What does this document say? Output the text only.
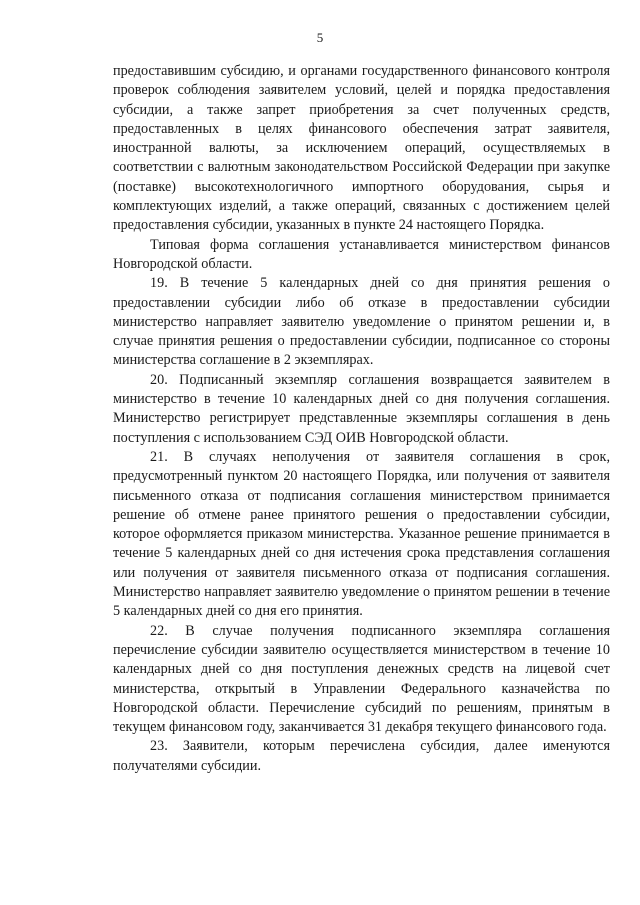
5

предоставившим субсидию, и органами государственного финансового контроля проверок соблюдения заявителем условий, целей и порядка предоставления субсидии, а также запрет приобретения за счет полученных средств, предоставленных в целях финансового обеспечения затрат заявителя, иностранной валюты, за исключением операций, осуществляемых в соответствии с валютным законодательством Российской Федерации при закупке (поставке) высокотехнологичного импортного оборудования, сырья и комплектующих изделий, а также операций, связанных с достижением целей предоставления субсидии, указанных в пункте 24 настоящего Порядка.

Типовая форма соглашения устанавливается министерством финансов Новгородской области.

19. В течение 5 календарных дней со дня принятия решения о предоставлении субсидии либо об отказе в предоставлении субсидии министерство направляет заявителю уведомление о принятом решении и, в случае принятия решения о предоставлении субсидии, подписанное со стороны министерства соглашение в 2 экземплярах.

20. Подписанный экземпляр соглашения возвращается заявителем в министерство в течение 10 календарных дней со дня получения соглашения. Министерство регистрирует представленные экземпляры соглашения в день поступления с использованием СЭД ОИВ Новгородской области.

21. В случаях неполучения от заявителя соглашения в срок, предусмотренный пунктом 20 настоящего Порядка, или получения от заявителя письменного отказа от подписания соглашения министерством принимается решение об отмене ранее принятого решения о предоставлении субсидии, которое оформляется приказом министерства. Указанное решение принимается в течение 5 календарных дней со дня истечения срока представления соглашения или получения от заявителя письменного отказа от подписания соглашения. Министерство направляет заявителю уведомление о принятом решении в течение 5 календарных дней со дня его принятия.

22. В случае получения подписанного экземпляра соглашения перечисление субсидии заявителю осуществляется министерством в течение 10 календарных дней со дня поступления денежных средств на лицевой счет министерства, открытый в Управлении Федерального казначейства по Новгородской области. Перечисление субсидий по решениям, принятым в текущем финансовом году, заканчивается 31 декабря текущего финансового года.

23. Заявители, которым перечислена субсидия, далее именуются получателями субсидии.
